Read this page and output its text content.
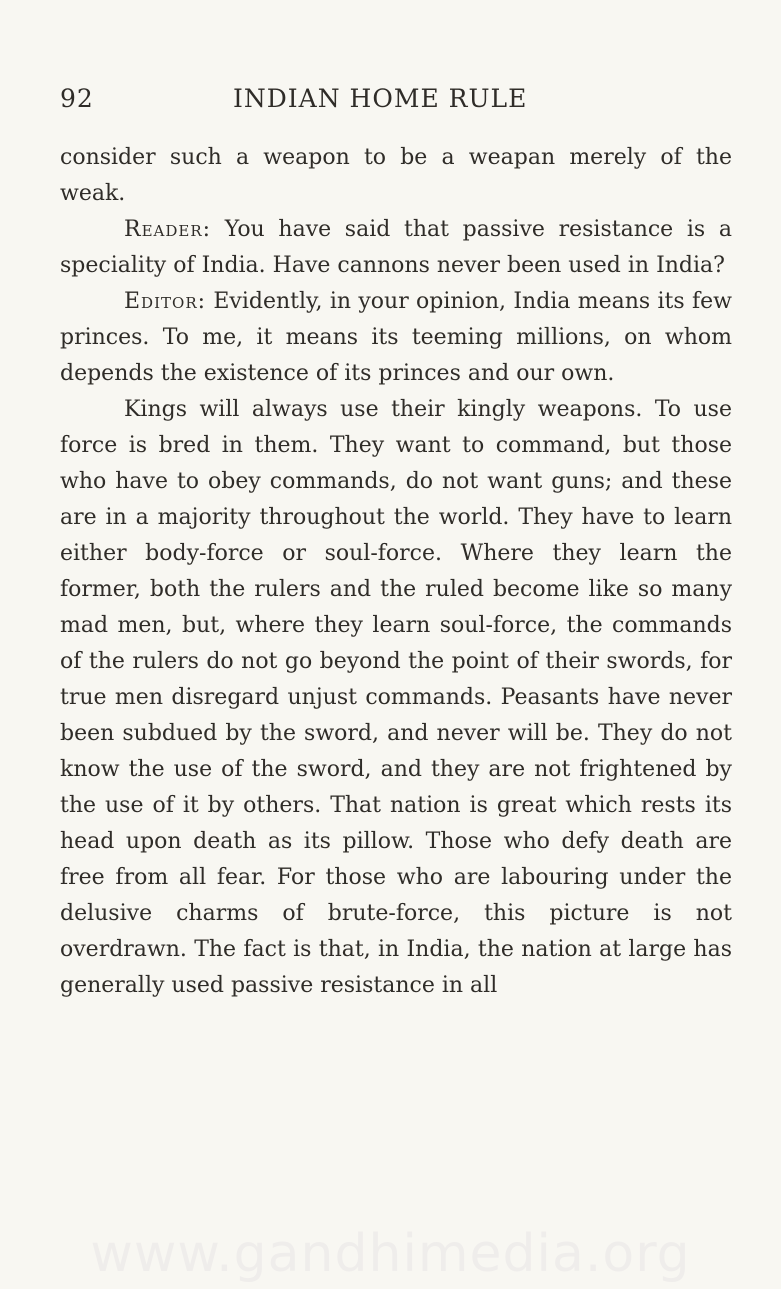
92	INDIAN HOME RULE

consider such a weapon to be a weapan merely of the weak.

Reader: You have said that passive resistance is a speciality of India. Have cannons never been used in India?

Editor: Evidently, in your opinion, India means its few princes. To me, it means its teeming millions, on whom depends the existence of its princes and our own.

Kings will always use their kingly weapons. To use force is bred in them. They want to command, but those who have to obey commands, do not want guns; and these are in a majority throughout the world. They have to learn either body-force or soul-force. Where they learn the former, both the rulers and the ruled become like so many mad men, but, where they learn soul-force, the commands of the rulers do not go beyond the point of their swords, for true men disregard unjust commands. Peasants have never been subdued by the sword, and never will be. They do not know the use of the sword, and they are not frightened by the use of it by others. That nation is great which rests its head upon death as its pillow. Those who defy death are free from all fear. For those who are labouring under the delusive charms of brute-force, this picture is not overdrawn. The fact is that, in India, the nation at large has generally used passive resistance in all

www.gandhimedia.org
